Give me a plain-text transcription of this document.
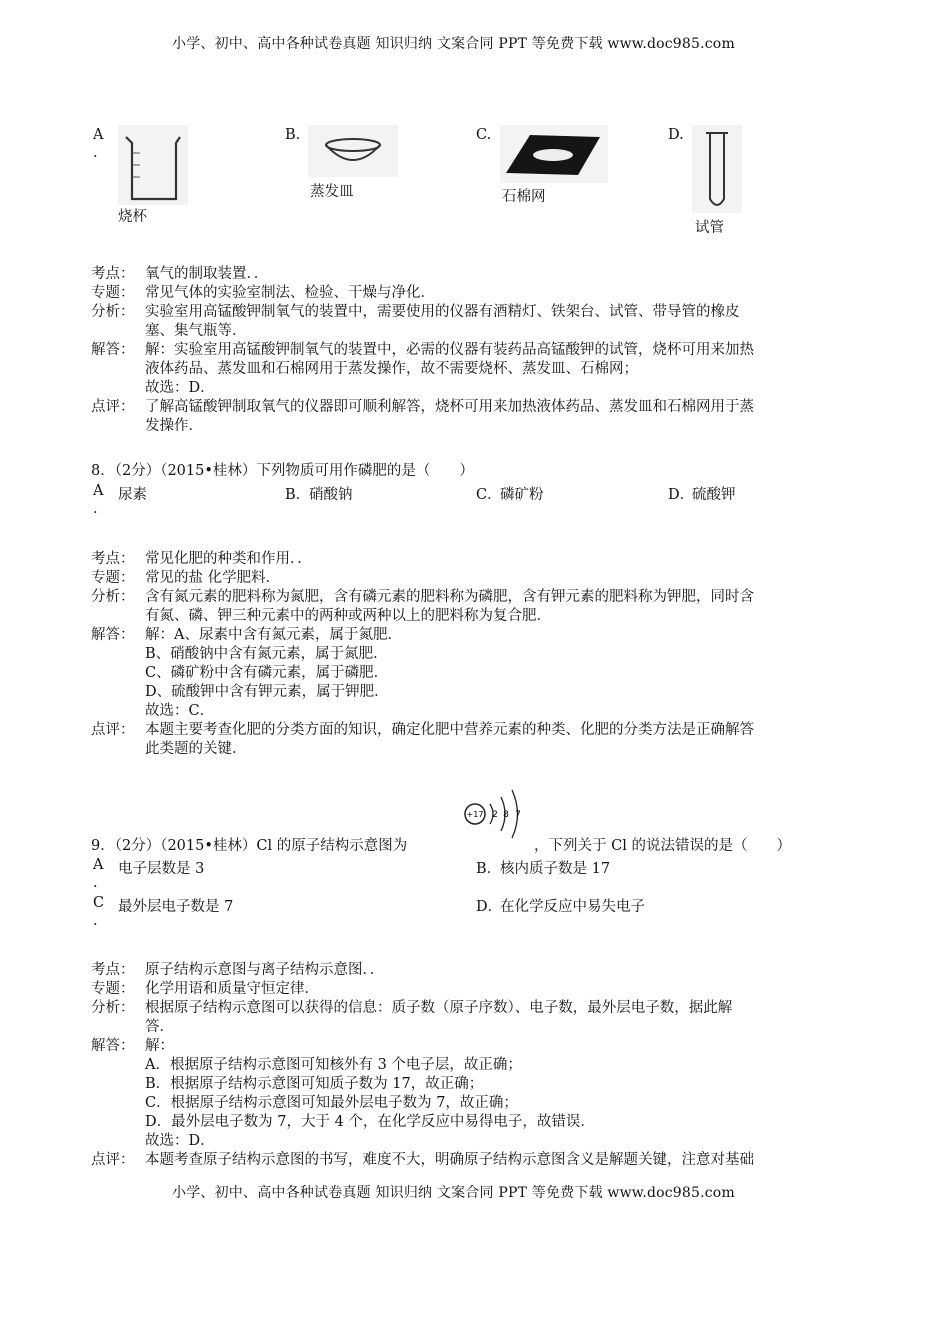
小学、初中、高中各种试卷真题 知识归纳 文案合同 PPT 等免费下载 www.doc985.com
A
.
烧杯
B.
蒸发皿
C.
石棉网
D.
试管
考点： 氧气的制取装置．．
专题： 常见气体的实验室制法、检验、干燥与净化．
分析： 实验室用高锰酸钾制氧气的装置中，需要使用的仪器有酒精灯、铁架台、试管、带导管的橡皮
塞、集气瓶等．
解答： 解：实验室用高锰酸钾制氧气的装置中，必需的仪器有装药品高锰酸钾的试管，烧杯可用来加热
液体药品、蒸发皿和石棉网用于蒸发操作，故不需要烧杯、蒸发皿、石棉网；
故选：D．
点评： 了解高锰酸钾制取氧气的仪器即可顺利解答，烧杯可用来加热液体药品、蒸发皿和石棉网用于蒸
发操作．
8．（2分）（2015•桂林）下列物质可用作磷肥的是（　　）
A
.
尿素	B．
硝酸钠	C．
磷矿粉	D．
硫酸钾
考点： 常见化肥的种类和作用．．
专题： 常见的盐 化学肥料．
分析： 含有氮元素的肥料称为氮肥，含有磷元素的肥料称为磷肥，含有钾元素的肥料称为钾肥，同时含
有氮、磷、钾三种元素中的两种或两种以上的肥料称为复合肥．
解答： 解：A、尿素中含有氮元素，属于氮肥．
B、硝酸钠中含有氮元素，属于氮肥．
C、磷矿粉中含有磷元素，属于磷肥．
D、硫酸钾中含有钾元素，属于钾肥．
故选：C．
点评： 本题主要考查化肥的分类方面的知识，确定化肥中营养元素的种类、化肥的分类方法是正确解答
此类题的关键．
9．（2分）（2015•桂林）Cl 的原子结构示意图为
+17 2 8 7
，下列关于 Cl 的说法错误的是（　　）
A
.
电子层数是 3	B．
核内质子数是 17
C
.
最外层电子数是 7	D．
在化学反应中易失电子
考点： 原子结构示意图与离子结构示意图．．
专题： 化学用语和质量守恒定律．
分析： 根据原子结构示意图可以获得的信息：质子数（原子序数）、电子数，最外层电子数，据此解
答．
解答： 解：
A．根据原子结构示意图可知核外有 3 个电子层，故正确；
B．根据原子结构示意图可知质子数为 17，故正确；
C．根据原子结构示意图可知最外层电子数为 7，故正确；
D．最外层电子数为 7，大于 4 个，在化学反应中易得电子，故错误．
故选：D．
点评： 本题考查原子结构示意图的书写，难度不大，明确原子结构示意图含义是解题关键，注意对基础
小学、初中、高中各种试卷真题 知识归纳 文案合同 PPT 等免费下载 www.doc985.com
